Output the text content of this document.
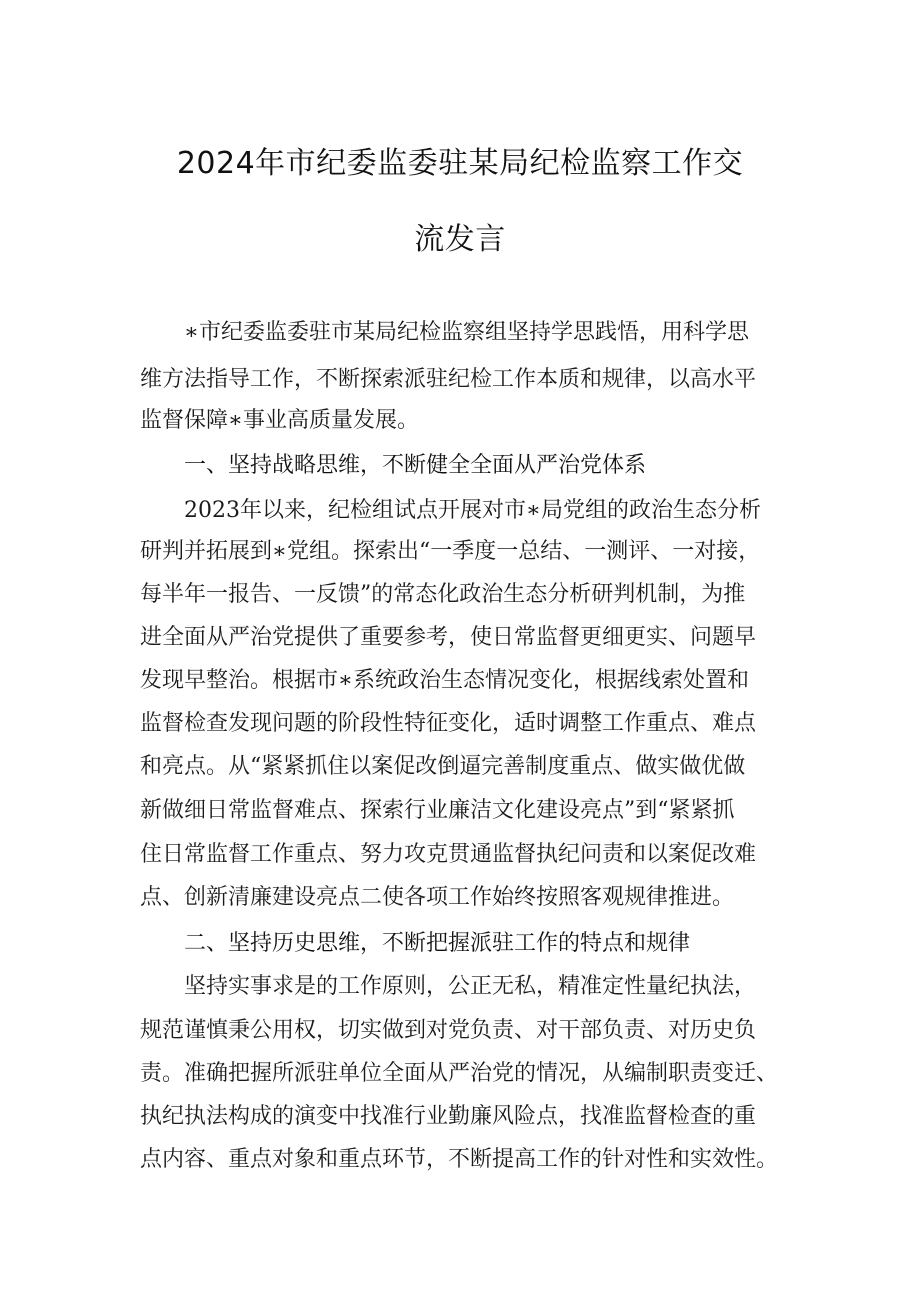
2024年市纪委监委驻某局纪检监察工作交
流发言

∗市纪委监委驻市某局纪检监察组坚持学思践悟，用科学思

维方法指导工作，不断探索派驻纪检工作本质和规律，以高水平

监督保障∗事业高质量发展。

一、坚持战略思维，不断健全全面从严治党体系

2023年以来，纪检组试点开展对市∗局党组的政治生态分析

研判并拓展到∗党组。探索出“一季度一总结、一测评、一对接，

每半年一报告、一反馈”的常态化政治生态分析研判机制，为推

进全面从严治党提供了重要参考，使日常监督更细更实、问题早

发现早整治。根据市∗系统政治生态情况变化，根据线索处置和

监督检查发现问题的阶段性特征变化，适时调整工作重点、难点

和亮点。从“紧紧抓住以案促改倒逼完善制度重点、做实做优做

新做细日常监督难点、探索行业廉洁文化建设亮点”到“紧紧抓

住日常监督工作重点、努力攻克贯通监督执纪问责和以案促改难

点、创新清廉建设亮点二使各项工作始终按照客观规律推进。

二、坚持历史思维，不断把握派驻工作的特点和规律

坚持实事求是的工作原则，公正无私，精准定性量纪执法，

规范谨慎秉公用权，切实做到对党负责、对干部负责、对历史负

责。准确把握所派驻单位全面从严治党的情况，从编制职责变迁、

执纪执法构成的演变中找准行业勤廉风险点，找准监督检查的重

点内容、重点对象和重点环节，不断提高工作的针对性和实效性。
